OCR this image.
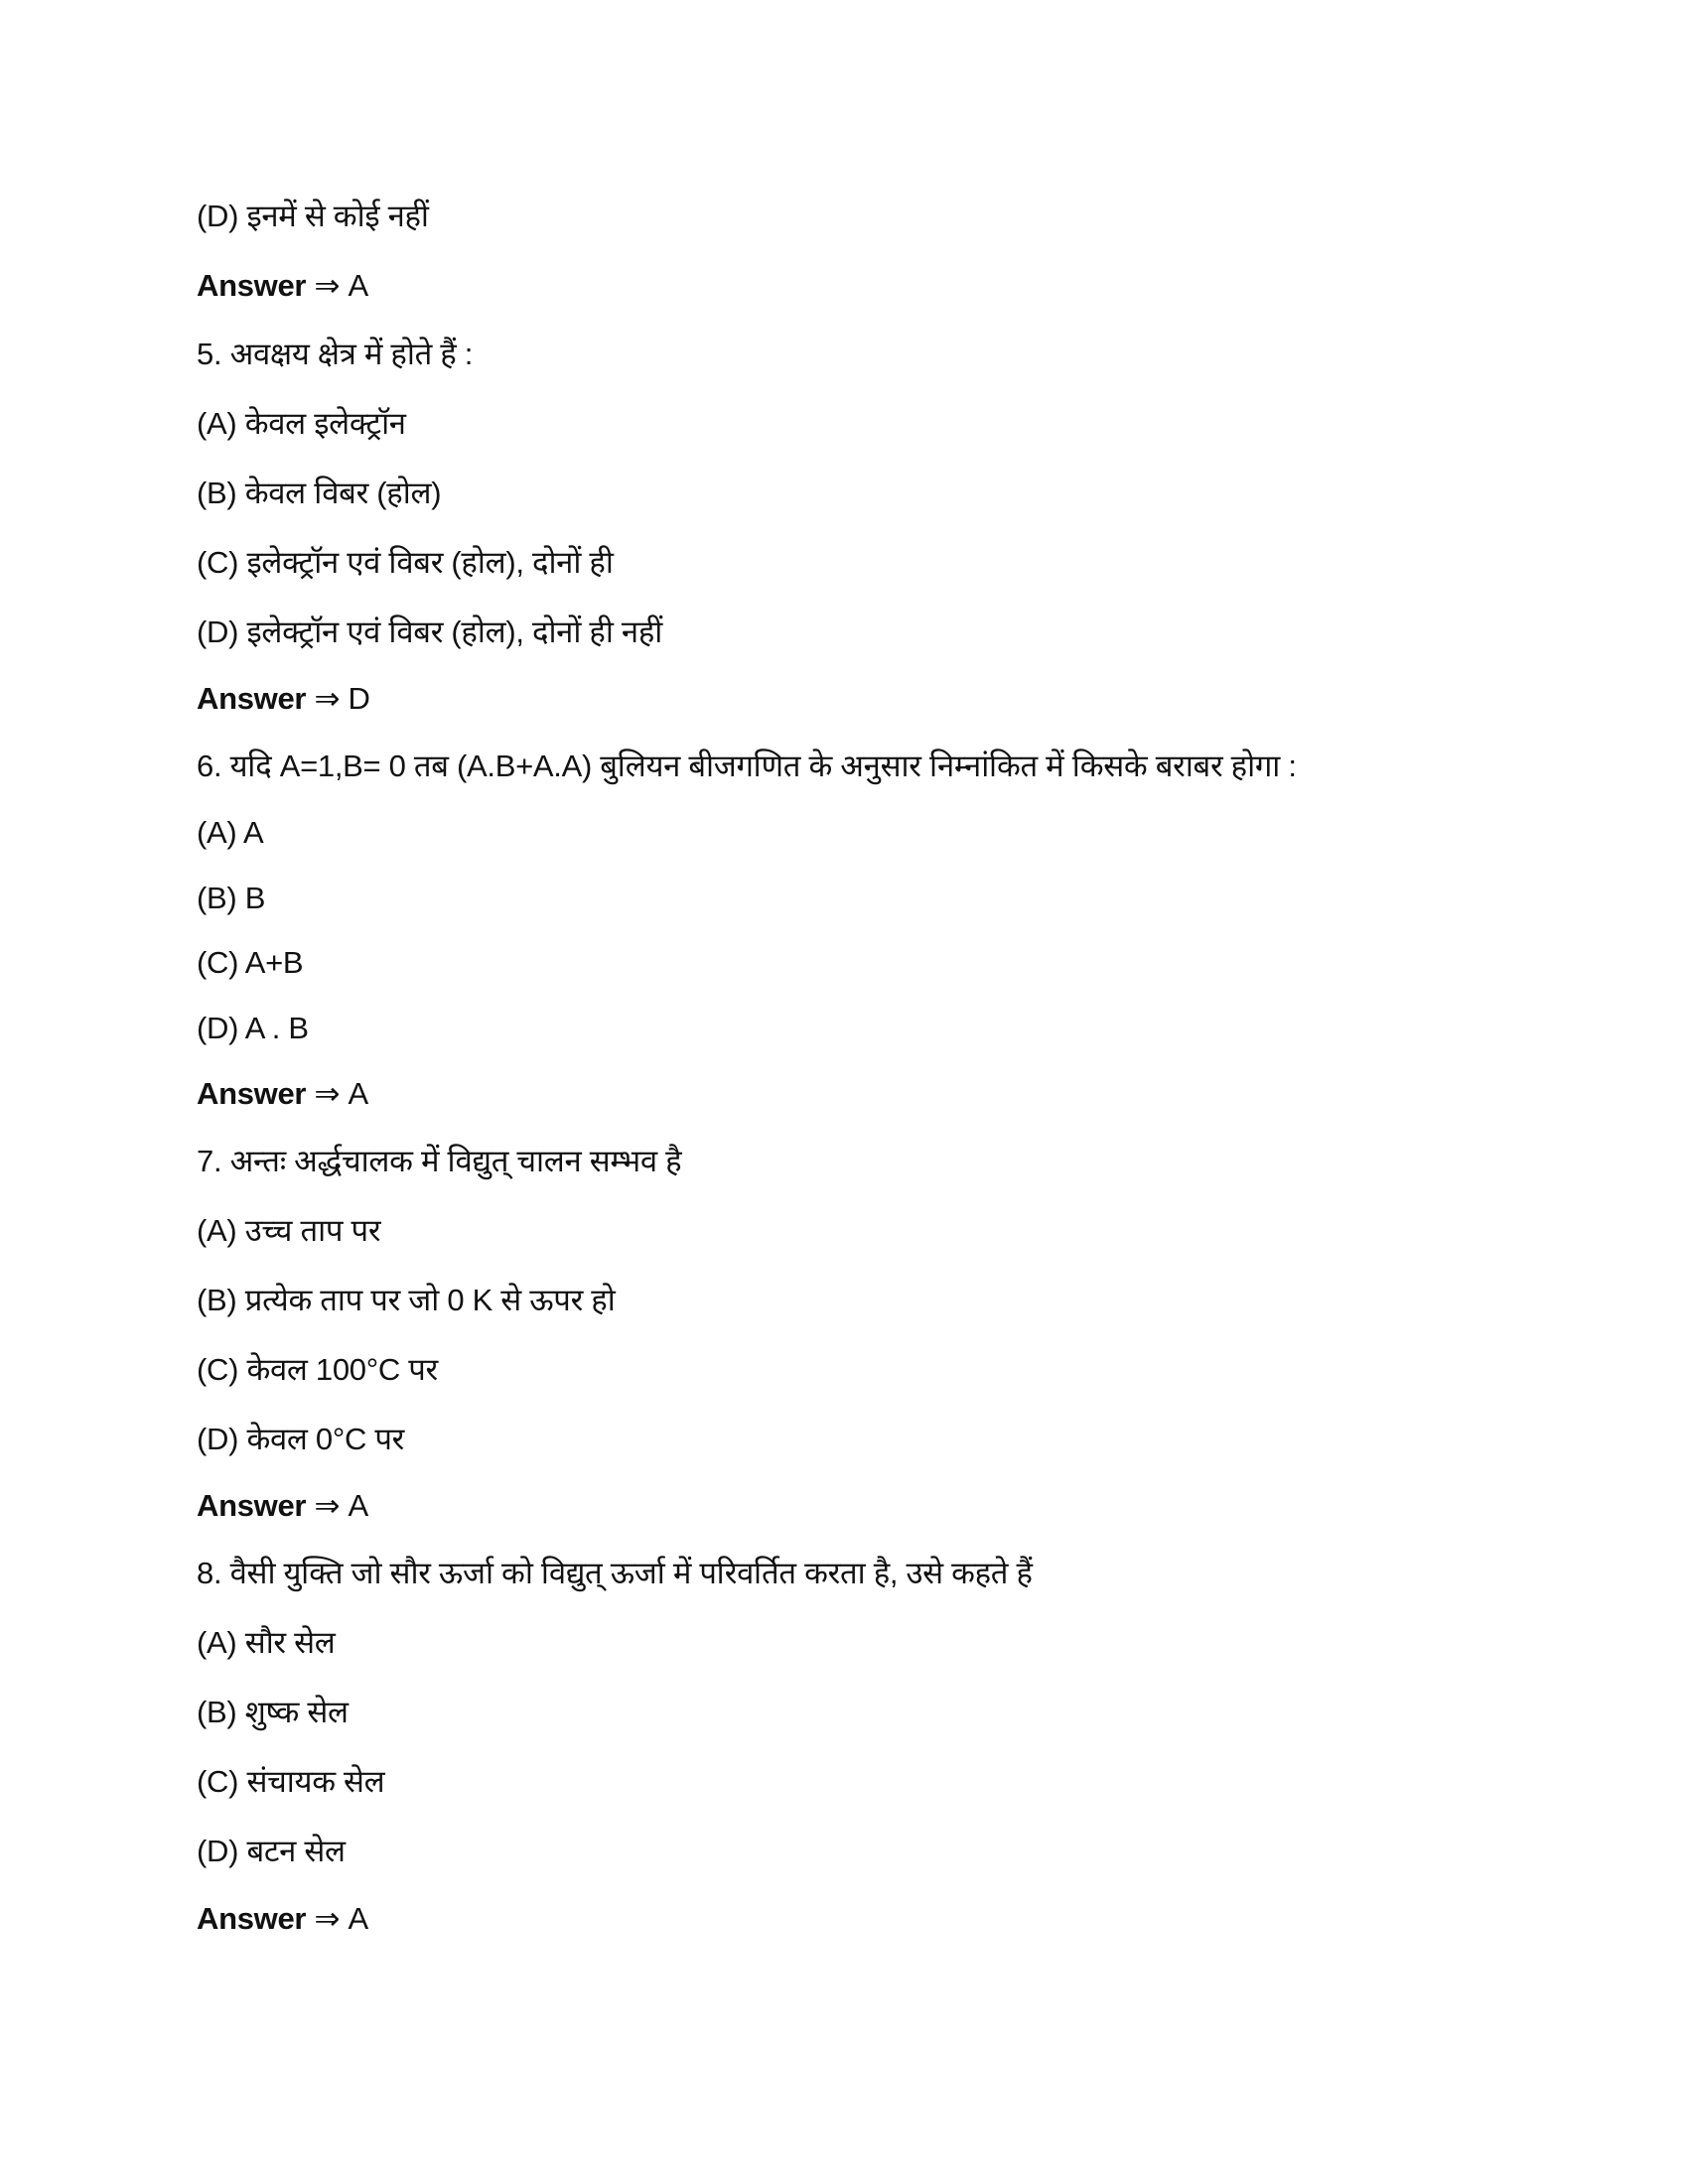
(D) इनमें से कोई नहीं
Answer ⇒ A
5. अवक्षय क्षेत्र में होते हैं :
(A) केवल इलेक्ट्रॉन
(B) केवल विबर (होल)
(C) इलेक्ट्रॉन एवं विबर (होल), दोनों ही
(D) इलेक्ट्रॉन एवं विबर (होल), दोनों ही नहीं
Answer ⇒ D
6. यदि A=1,B= 0 तब (A.B+A.A) बुलियन बीजगणित के अनुसार निम्नांकित में किसके बराबर होगा :
(A) A
(B) B
(C) A+B
(D) A . B
Answer ⇒ A
7. अन्तः अर्द्धचालक में विद्युत् चालन सम्भव है
(A) उच्च ताप पर
(B) प्रत्येक ताप पर जो 0 K से ऊपर हो
(C) केवल 100°C पर
(D) केवल 0°C पर
Answer ⇒ A
8. वैसी युक्ति जो सौर ऊर्जा को विद्युत् ऊर्जा में परिवर्तित करता है, उसे कहते हैं
(A) सौर सेल
(B) शुष्क सेल
(C) संचायक सेल
(D) बटन सेल
Answer ⇒ A
